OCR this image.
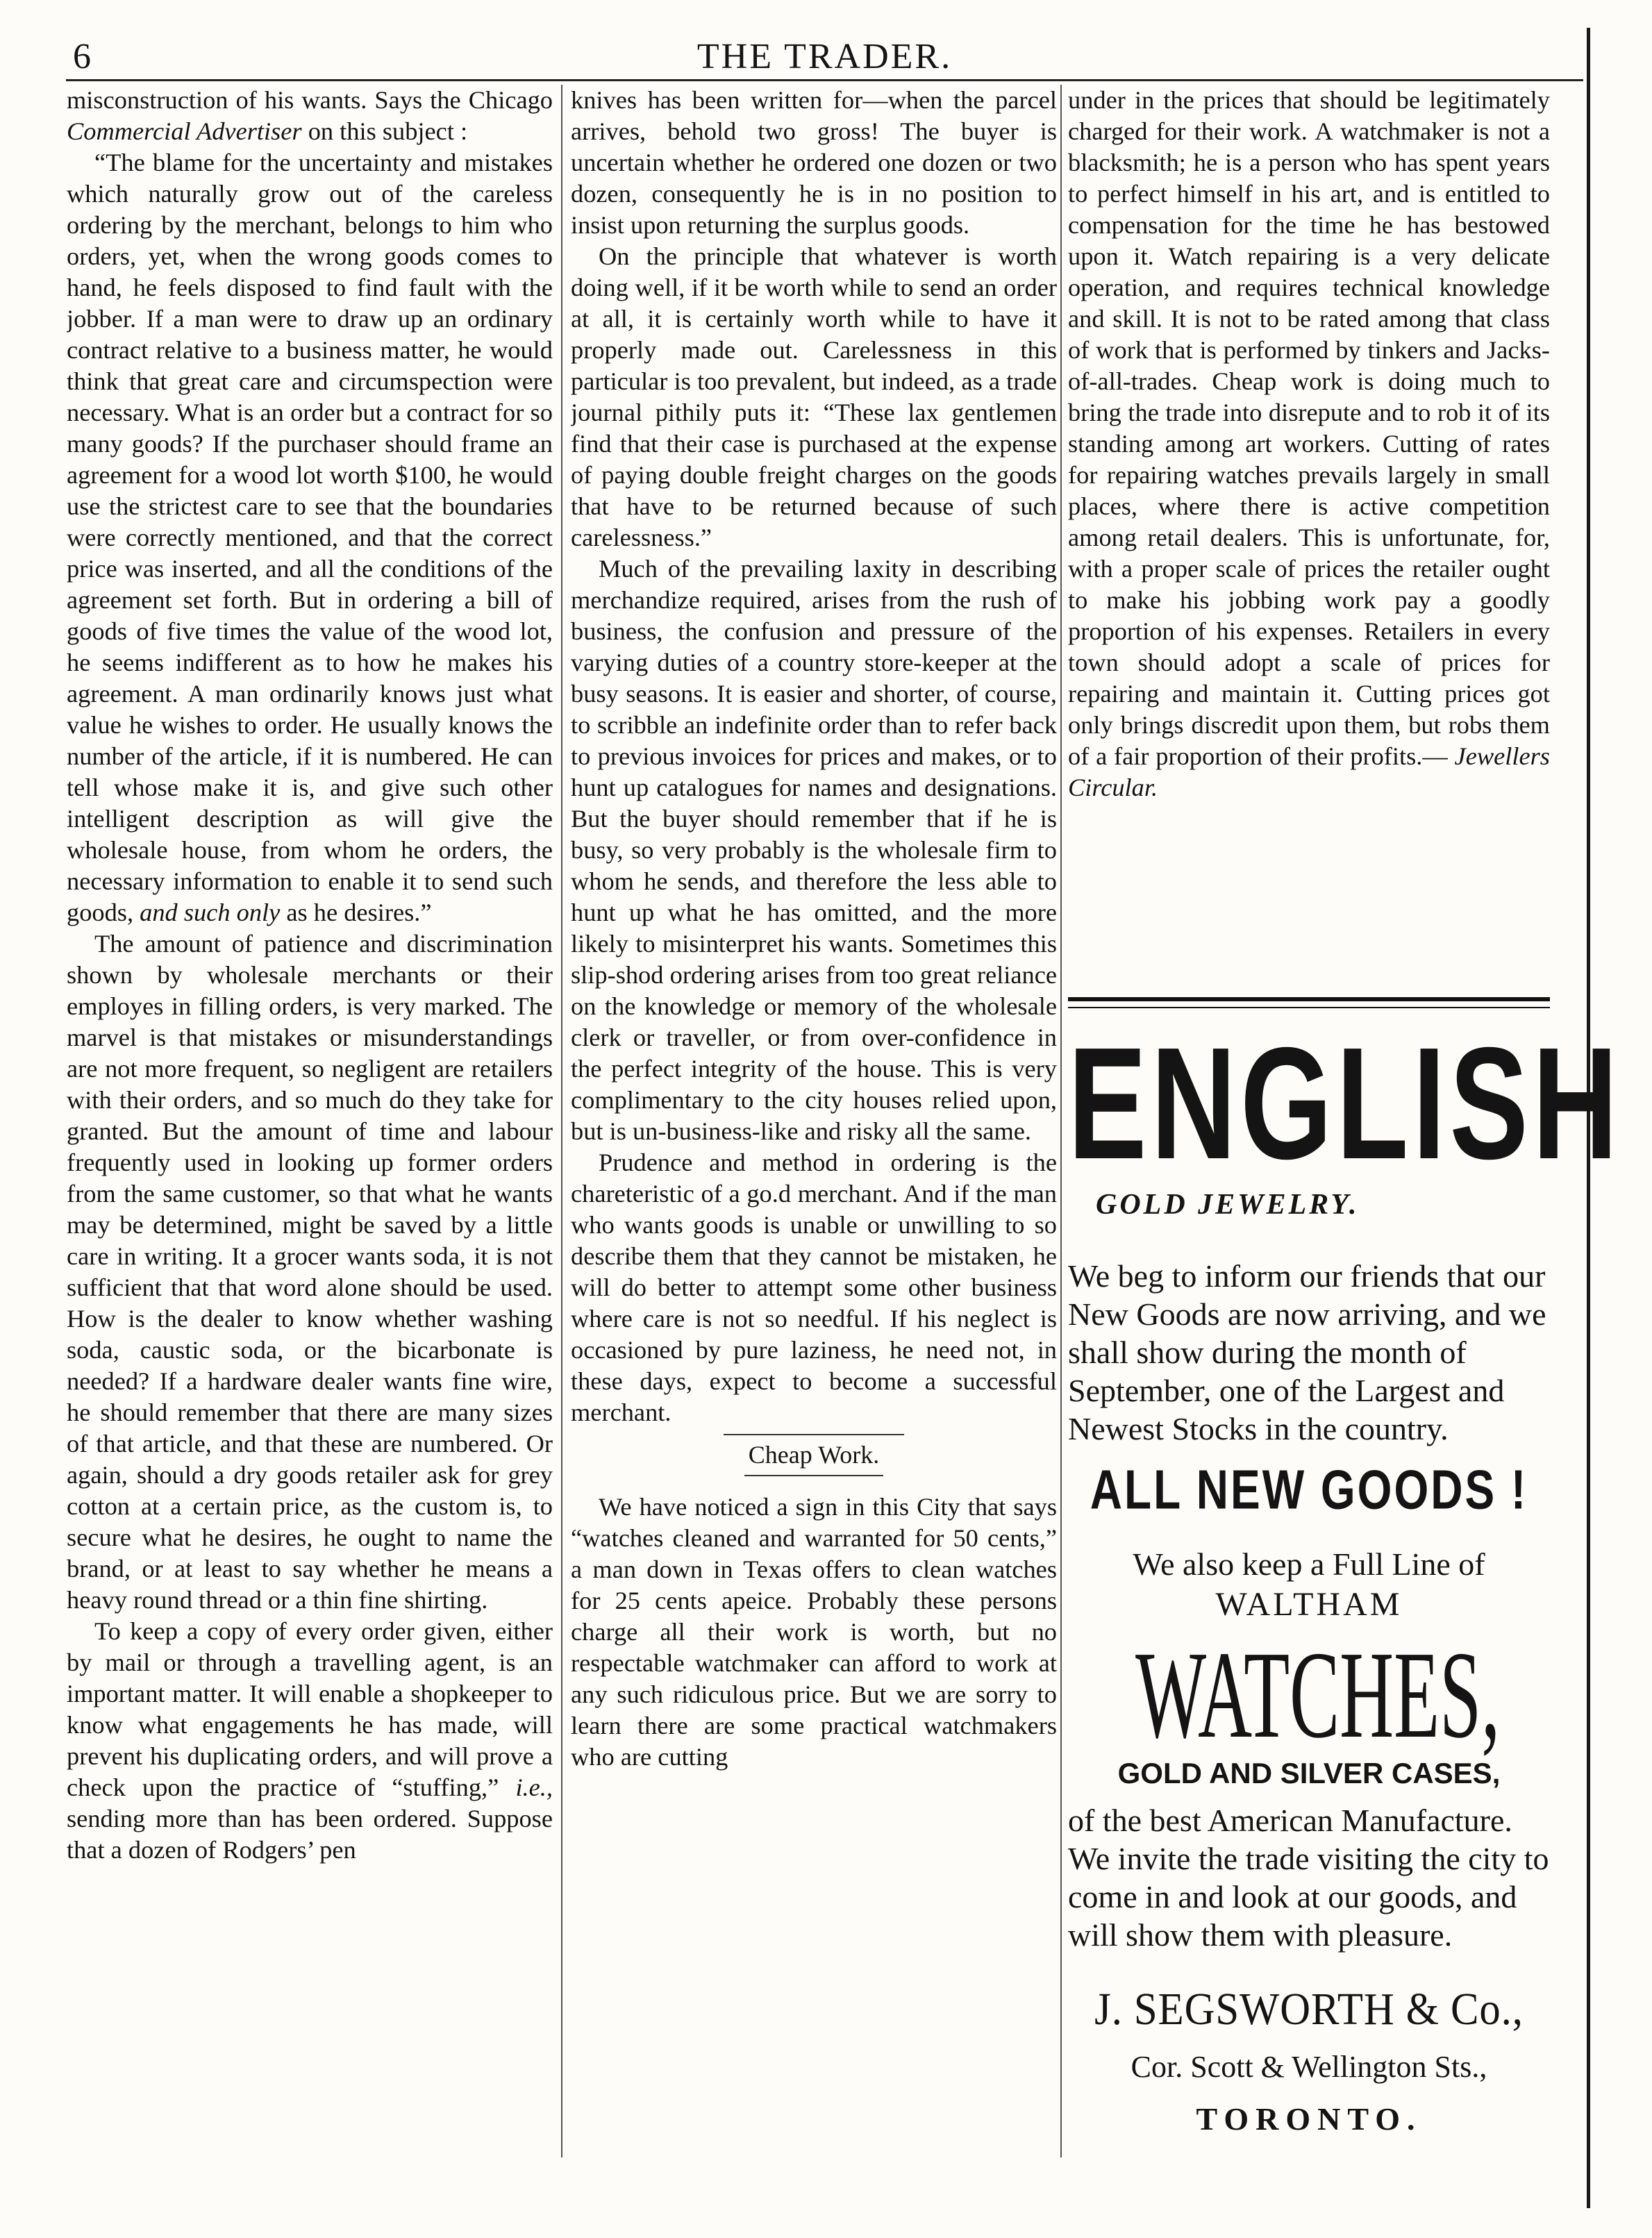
6	THE TRADER.

misconstruction of his wants. Says the Chicago Commercial Advertiser on this subject :

“The blame for the uncertainty and mistakes which naturally grow out of the careless ordering by the merchant, belongs to him who orders, yet, when the wrong goods comes to hand, he feels disposed to find fault with the jobber. If a man were to draw up an ordinary contract relative to a business matter, he would think that great care and circumspection were necessary. What is an order but a contract for so many goods? If the purchaser should frame an agreement for a wood lot worth $100, he would use the strictest care to see that the boundaries were correctly mentioned, and that the correct price was inserted, and all the conditions of the agreement set forth. But in ordering a bill of goods of five times the value of the wood lot, he seems indifferent as to how he makes his agreement. A man ordinarily knows just what value he wishes to order. He usually knows the number of the article, if it is numbered. He can tell whose make it is, and give such other intelligent description as will give the wholesale house, from whom he orders, the necessary information to enable it to send such goods, and such only as he desires.”

The amount of patience and discrimination shown by wholesale merchants or their employes in filling orders, is very marked. The marvel is that mistakes or misunderstandings are not more frequent, so negligent are retailers with their orders, and so much do they take for granted. But the amount of time and labour frequently used in looking up former orders from the same customer, so that what he wants may be determined, might be saved by a little care in writing. It a grocer wants soda, it is not sufficient that that word alone should be used. How is the dealer to know whether washing soda, caustic soda, or the bicarbonate is needed? If a hardware dealer wants fine wire, he should remember that there are many sizes of that article, and that these are numbered. Or again, should a dry goods retailer ask for grey cotton at a certain price, as the custom is, to secure what he desires, he ought to name the brand, or at least to say whether he means a heavy round thread or a thin fine shirting.

To keep a copy of every order given, either by mail or through a travelling agent, is an important matter. It will enable a shopkeeper to know what engagements he has made, will prevent his duplicating orders, and will prove a check upon the practice of “stuffing,” i.e., sending more than has been ordered. Suppose that a dozen of Rodgers’ pen

knives has been written for—when the parcel arrives, behold two gross! The buyer is uncertain whether he ordered one dozen or two dozen, consequently he is in no position to insist upon returning the surplus goods.

On the principle that whatever is worth doing well, if it be worth while to send an order at all, it is certainly worth while to have it properly made out. Carelessness in this particular is too prevalent, but indeed, as a trade journal pithily puts it: “These lax gentlemen find that their case is purchased at the expense of paying double freight charges on the goods that have to be returned because of such carelessness.”

Much of the prevailing laxity in describing merchandize required, arises from the rush of business, the confusion and pressure of the varying duties of a country store-keeper at the busy seasons. It is easier and shorter, of course, to scribble an indefinite order than to refer back to previous invoices for prices and makes, or to hunt up catalogues for names and designations. But the buyer should remember that if he is busy, so very probably is the wholesale firm to whom he sends, and therefore the less able to hunt up what he has omitted, and the more likely to misinterpret his wants. Sometimes this slip-shod ordering arises from too great reliance on the knowledge or memory of the wholesale clerk or traveller, or from over-confidence in the perfect integrity of the house. This is very complimentary to the city houses relied upon, but is un-business-like and risky all the same.

Prudence and method in ordering is the chareteristic of a go.d merchant. And if the man who wants goods is unable or unwilling to so describe them that they cannot be mistaken, he will do better to attempt some other business where care is not so needful. If his neglect is occasioned by pure laziness, he need not, in these days, expect to become a successful merchant.

Cheap Work.

We have noticed a sign in this City that says “watches cleaned and warranted for 50 cents,” a man down in Texas offers to clean watches for 25 cents apeice. Probably these persons charge all their work is worth, but no respectable watchmaker can afford to work at any such ridiculous price. But we are sorry to learn there are some practical watchmakers who are cutting

under in the prices that should be legitimately charged for their work. A watchmaker is not a blacksmith; he is a person who has spent years to perfect himself in his art, and is entitled to compensation for the time he has bestowed upon it. Watch repairing is a very delicate operation, and requires technical knowledge and skill. It is not to be rated among that class of work that is performed by tinkers and Jacks-of-all-trades. Cheap work is doing much to bring the trade into disrepute and to rob it of its standing among art workers. Cutting of rates for repairing watches prevails largely in small places, where there is active competition among retail dealers. This is unfortunate, for, with a proper scale of prices the retailer ought to make his jobbing work pay a goodly proportion of his expenses. Retailers in every town should adopt a scale of prices for repairing and maintain it. Cutting prices got only brings discredit upon them, but robs them of a fair proportion of their profits.— Jewellers Circular.

ENGLISH
GOLD JEWELRY.
We beg to inform our friends that our New Goods are now arriving, and we shall show during the month of September, one of the Largest and Newest Stocks in the country.
ALL NEW GOODS !
We also keep a Full Line of
WALTHAM
WATCHES,
GOLD AND SILVER CASES,
of the best American Manufacture. We invite the trade visiting the city to come in and look at our goods, and will show them with pleasure.
J. SEGSWORTH & Co.,
Cor. Scott & Wellington Sts.,
TORONTO.
